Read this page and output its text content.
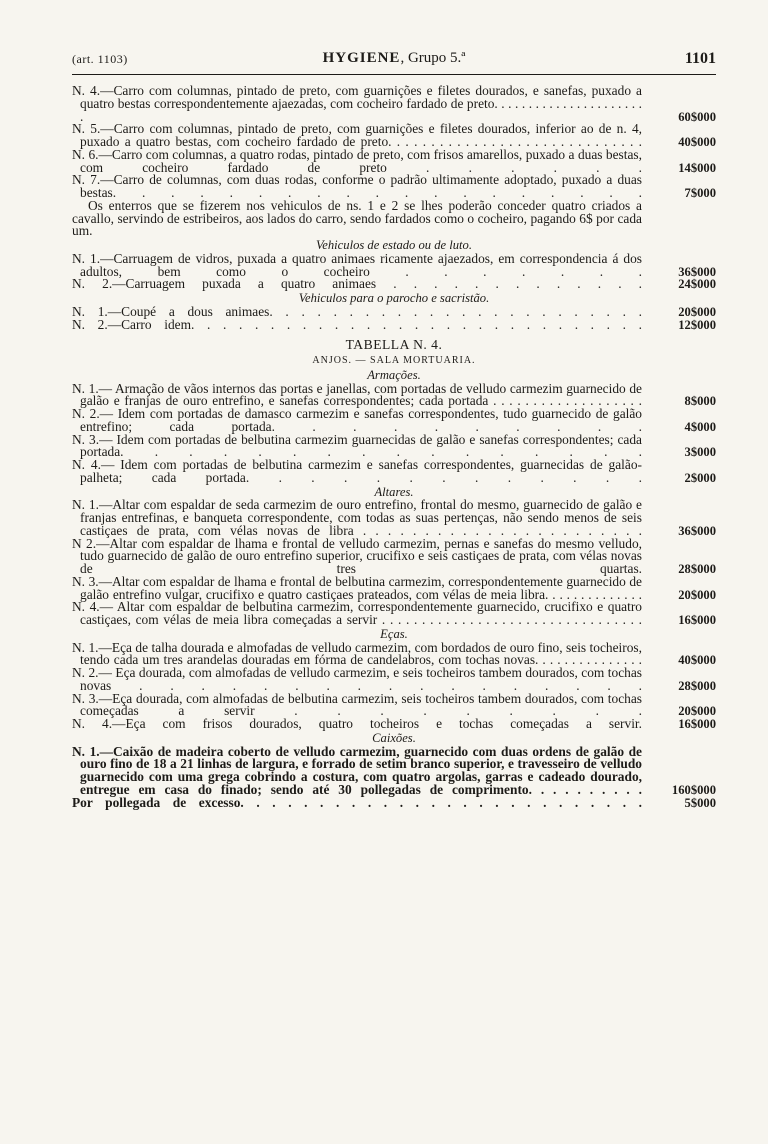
(art. 1103)	HYGIENE, Grupo 5.ª	1101
N. 4.—Carro com columnas, pintado de preto, com guarnições e filetes dourados, e sanefas, puxado a quatro bestas correspondentemente ajaezadas, com cocheiro fardado de preto. . . . . . . . . . . . . . . . . . . . . . .	60$000
N. 5.—Carro com columnas, pintado de preto, com guarnições e filetes dourados, inferior ao de n. 4, puxado a quatro bestas, com cocheiro fardado de preto. . . . . . . . . . . . . . . . . . . . . . . . . . . . . .	40$000
N. 6.—Carro com columnas, a quatro rodas, pintado de preto, com frisos amarellos, puxado a duas bestas, com cocheiro fardado de preto . . . . . .	14$000
N. 7.—Carro de columnas, com duas rodas, conforme o padrão ultimamente adoptado, puxado a duas bestas. . . . . . . . . . . . . . . . . . .	7$000
Os enterros que se fizerem nos vehiculos de ns. 1 e 2 se lhes poderão conceder quatro criados a cavallo, servindo de estribeiros, aos lados do carro, sendo fardados como o cocheiro, pagando 6$ por cada um.
Vehiculos de estado ou de luto.
N. 1.—Carruagem de vidros, puxada a quatro animaes ricamente ajaezados, em correspondencia á dos adultos, bem como o cocheiro . . . . . . .	36$000
N. 2.—Carruagem puxada a quatro animaes . . . . . . . . . . . . .	24$000
Vehiculos para o parocho e sacristão.
N. 1.—Coupé a dous animaes. . . . . . . . . . . . . . . . . . . . . . . .	20$000
N. 2.—Carro idem. . . . . . . . . . . . . . . . . . . . . . . . . . . . .	12$000
TABELLA N. 4.
ANJOS. — SALA MORTUARIA.
Armações.
N. 1.— Armação de vãos internos das portas e janellas, com portadas de velludo carmezim guarnecido de galão e franjas de ouro entrefino, e sanefas correspondentes; cada portada . . . . . . . . . . . . . . . . . . .	8$000
N. 2.— Idem com portadas de damasco carmezim e sanefas correspondentes, tudo guarnecido de galão entrefino; cada portada. . . . . . . . . .	4$000
N. 3.— Idem com portadas de belbutina carmezim guarnecidas de galão e sanefas correspondentes; cada portada. . . . . . . . . . . . . . . .	3$000
N. 4.— Idem com portadas de belbutina carmezim e sanefas correspondentes, guarnecidas de galão-palheta; cada portada. . . . . . . . . . . . .	2$000
Altares.
N. 1.—Altar com espaldar de seda carmezim de ouro entrefino, frontal do mesmo, guarnecido de galão e franjas entrefinas, e banqueta correspondente, com todas as suas pertenças, não sendo menos de seis castiçaes de prata, com vélas novas de libra . . . . . . . . . . . . . . . . . . . . . . .	36$000
N 2.—Altar com espaldar de lhama e frontal de velludo carmezim, pernas e sanefas do mesmo velludo, tudo guarnecido de galão de ouro entrefino superior, crucifixo e seis castiçaes de prata, com vélas novas de tres quartas.	28$000
N. 3.—Altar com espaldar de lhama e frontal de belbutina carmezim, correspondentemente guarnecido de galão entrefino vulgar, crucifixo e quatro castiçaes prateados, com vélas de meia libra. . . . . . . . . . . . . .	20$000
N. 4.— Altar com espaldar de belbutina carmezim, correspondentemente guarnecido, crucifixo e quatro castiçaes, com vélas de meia libra começadas a servir . . . . . . . . . . . . . . . . . . . . . . . . . . . . . . . . .	16$000
Eças.
N. 1.—Eça de talha dourada e almofadas de velludo carmezim, com bordados de ouro fino, seis tocheiros, tendo cada um tres arandelas douradas em fórma de candelabros, com tochas novas. . . . . . . . . . . . . . .	40$000
N. 2.— Eça dourada, com almofadas de velludo carmezim, e seis tocheiros tambem dourados, com tochas novas . . . . . . . . . . . . . . . . .	28$000
N. 3.—Eça dourada, com almofadas de belbutina carmezim, seis tocheiros tambem dourados, com tochas começadas a servir . . . . . . . . .	20$000
N. 4.—Eça com frisos dourados, quatro tocheiros e tochas começadas a servir.	16$000
Caixões.
N. 1.—Caixão de madeira coberto de velludo carmezim, guarnecido com duas ordens de galão de ouro fino de 18 a 21 linhas de largura, e forrado de setim branco superior, e travesseiro de velludo guarnecido com uma grega cobrindo a costura, com quatro argolas, garras e cadeado dourado, entregue em casa do finado; sendo até 30 pollegadas de comprimento. . . . . . . . . .	160$000
Por pollegada de excesso. . . . . . . . . . . . . . . . . . . . . . . . . .	5$000
